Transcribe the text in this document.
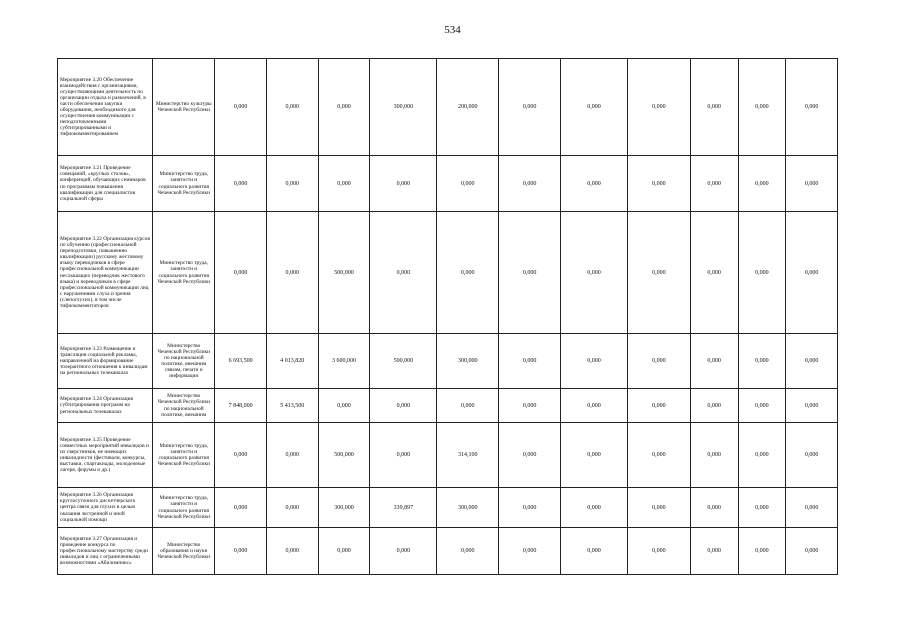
534
Мероприятие 3.20 Обеспечение взаимодействия с организациями, осуществляющими деятельность по организации отдыха и развлечений, в части обеспечения закупки оборудования, необходимого для осуществления коммуникации с неподготовленными субтитрированными и тифлокомментированием	Министерство культуры Чеченской Республики	0,000	0,000	0,000	300,000	200,000	0,000	0,000	0,000	0,000	0,000	0,000
Мероприятие 3.21 Проведение совещаний, «круглых столов», конференций, обучающих семинаров по программам повышения квалификации для специалистов социальной сферы	Министерство труда, занятости и социального развития Чеченской Республики	0,000	0,000	0,000	0,000	0,000	0,000	0,000	0,000	0,000	0,000	0,000
Мероприятие 3.22 Организация курсов по обучению (профессиональной переподготовки, повышению квалификации) русскому жестовому языку переводчиков в сфере профессиональной коммуникации неслышащих (переводчик жестового языка) и переводчиков в сфере профессиональной коммуникации лиц с нарушениями слуха и зрения (слепоглухих), в том числе тифлокомментаторов	Министерство труда, занятости и социального развития Чеченской Республики	0,000	0,000	500,000	0,000	0,000	0,000	0,000	0,000	0,000	0,000	0,000
Мероприятие 3.23 Размещение и трансляция социальной рекламы, направленной на формирование толерантного отношения к инвалидам на региональных телеканалах	Министерство Чеченской Республики по национальной политике, внешним связям, печати и информации	6 693,500	4 013,820	3 600,000	500,000	300,000	0,000	0,000	0,000	0,000	0,000	0,000
Мероприятие 3.24 Организация субтитрирования программ на региональных телеканалах	Министерство Чеченской Республики по национальной политике, внешним	7 848,000	5 413,500	0,000	0,000	0,000	0,000	0,000	0,000	0,000	0,000	0,000
Мероприятие 3.25 Проведение совместных мероприятий инвалидов и их сверстников, не имеющих инвалидности (фестивали, конкурсы, выставки, спартакиады, молодежные лагеря, форумы и др.)	Министерство труда, занятости и социального развития Чеченской Республики	0,000	0,000	500,000	0,000	314,100	0,000	0,000	0,000	0,000	0,000	0,000
Мероприятие 3.26 Организация круглосуточного диспетчерского центра связи для глухих в целью оказания экстренной и иной социальной помощи	Министерство труда, занятости и социального развития Чеченской Республики	0,000	0,000	300,000	339,897	300,000	0,000	0,000	0,000	0,000	0,000	0,000
Мероприятие 3.27 Организация и проведение конкурса по профессиональному мастерству среди инвалидов и лиц с ограниченными возможностями «Абилимпикс»	Министерство образования и науки Чеченской Республики	0,000	0,000	0,000	0,000	0,000	0,000	0,000	0,000	0,000	0,000	0,000
